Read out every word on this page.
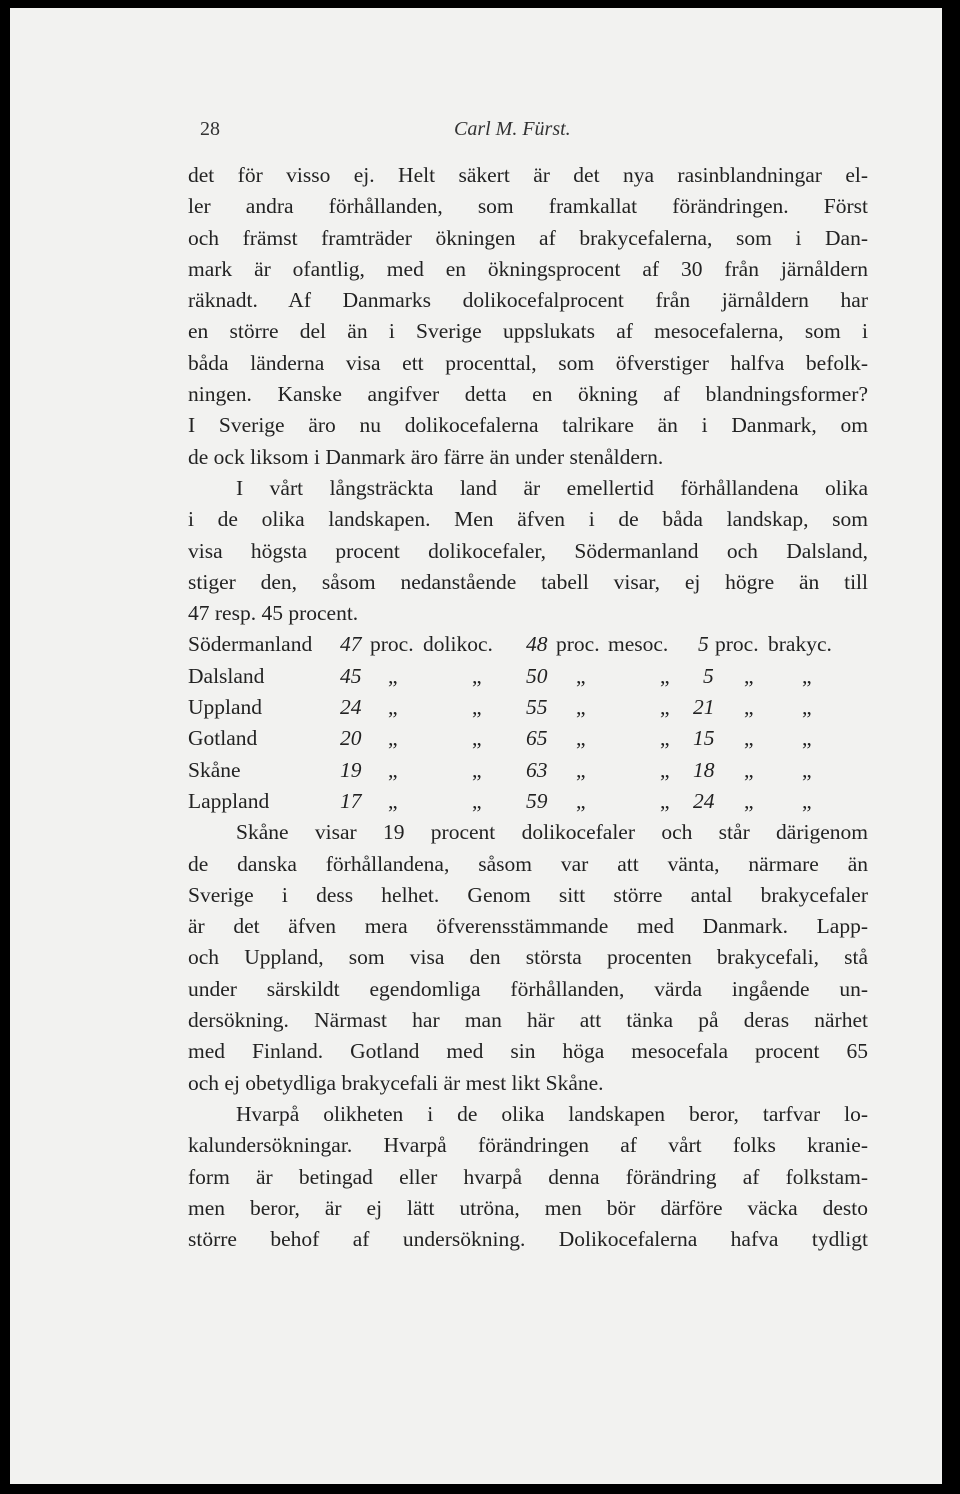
28	Carl M. Fürst.
det för visso ej. Helt säkert är det nya rasinblandningar el-
ler andra förhållanden, som framkallat förändringen. Först
och främst framträder ökningen af brakycefalerna, som i Dan-
mark är ofantlig, med en ökningsprocent af 30 från järnåldern
räknadt. Af Danmarks dolikocefalprocent från järnåldern har
en större del än i Sverige uppslukats af mesocefalerna, som i
båda länderna visa ett procenttal, som öfverstiger halfva befolk-
ningen. Kanske angifver detta en ökning af blandningsformer?
I Sverige äro nu dolikocefalerna talrikare än i Danmark, om
de ock liksom i Danmark äro färre än under stenåldern.
I vårt långsträckta land är emellertid förhållandena olika
i de olika landskapen. Men äfven i de båda landskap, som
visa högsta procent dolikocefaler, Södermanland och Dalsland,
stiger den, såsom nedanstående tabell visar, ej högre än till
47 resp. 45 procent.
Södermanland 47 proc. dolikoc. 48 proc. mesoc. 5 proc. brakyc.
Dalsland	45 „	„ 50 „	„ 5 „ „
Uppland	24 „	„ 55 „	„ 21 „ „
Gotland	20 „	„ 65 „	„ 15 „ „
Skåne	19 „	„ 63 „	„ 18 „ „
Lappland	17 „	„ 59 „	„ 24 „ „
Skåne visar 19 procent dolikocefaler och står därigenom
de danska förhållandena, såsom var att vänta, närmare än
Sverige i dess helhet. Genom sitt större antal brakycefaler
är det äfven mera öfverensstämmande med Danmark. Lapp-
och Uppland, som visa den största procenten brakycefali, stå
under särskildt egendomliga förhållanden, värda ingående un-
dersökning. Närmast har man här att tänka på deras närhet
med Finland. Gotland med sin höga mesocefala procent 65
och ej obetydliga brakycefali är mest likt Skåne.
Hvarpå olikheten i de olika landskapen beror, tarfvar lo-
kalundersökningar. Hvarpå förändringen af vårt folks kranie-
form är betingad eller hvarpå denna förändring af folkstam-
men beror, är ej lätt utröna, men bör därföre väcka desto
större behof af undersökning. Dolikocefalerna hafva tydligt
